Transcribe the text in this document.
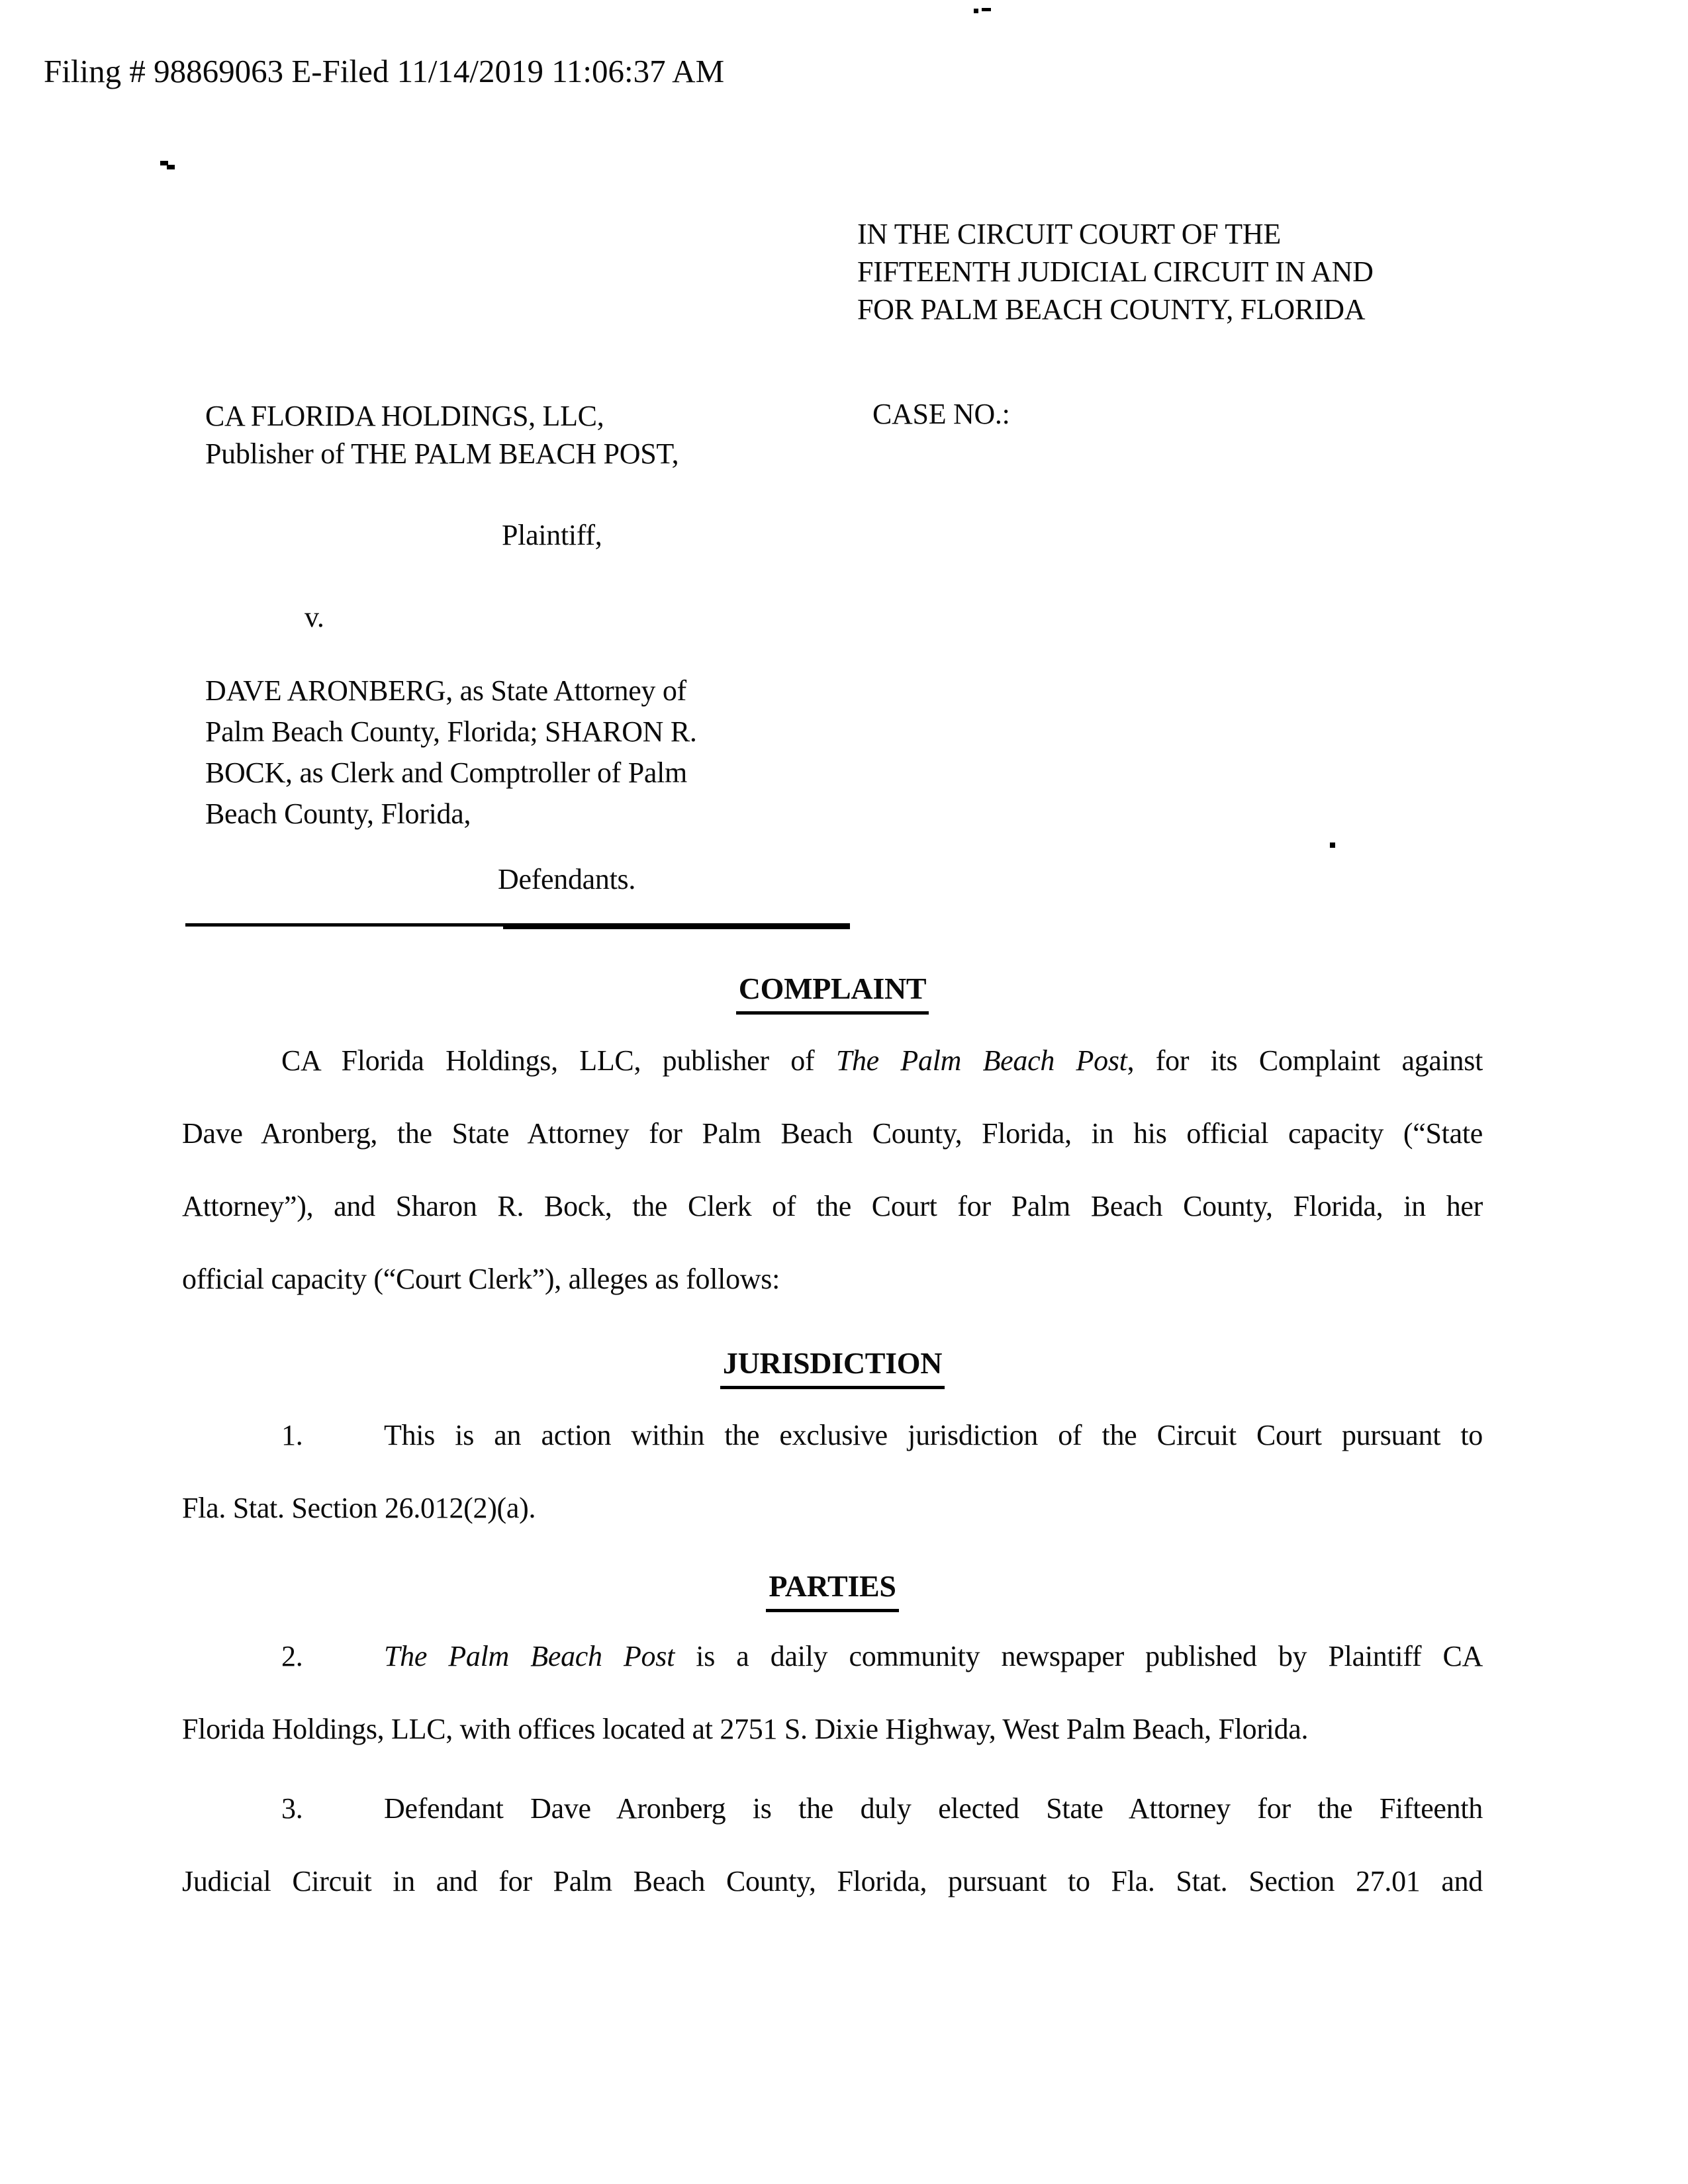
Filing # 98869063 E-Filed 11/14/2019 11:06:37 AM
IN THE CIRCUIT COURT OF THE
FIFTEENTH JUDICIAL CIRCUIT IN AND
FOR PALM BEACH COUNTY, FLORIDA
CA FLORIDA HOLDINGS, LLC,
Publisher of THE PALM BEACH POST,
CASE NO.:
Plaintiff,
v.
DAVE ARONBERG, as State Attorney of
Palm Beach County, Florida; SHARON R.
BOCK, as Clerk and Comptroller of Palm
Beach County, Florida,
Defendants.
COMPLAINT
CA Florida Holdings, LLC, publisher of The Palm Beach Post, for its Complaint against
Dave Aronberg, the State Attorney for Palm Beach County, Florida, in his official capacity (“State
Attorney”), and Sharon R. Bock, the Clerk of the Court for Palm Beach County, Florida, in her
official capacity (“Court Clerk”), alleges as follows:
JURISDICTION
1.	This is an action within the exclusive jurisdiction of the Circuit Court pursuant to
Fla. Stat. Section 26.012(2)(a).
PARTIES
2.	The Palm Beach Post is a daily community newspaper published by Plaintiff CA
Florida Holdings, LLC, with offices located at 2751 S. Dixie Highway, West Palm Beach, Florida.
3.	Defendant Dave Aronberg is the duly elected State Attorney for the Fifteenth
Judicial Circuit in and for Palm Beach County, Florida, pursuant to Fla. Stat. Section 27.01 and
